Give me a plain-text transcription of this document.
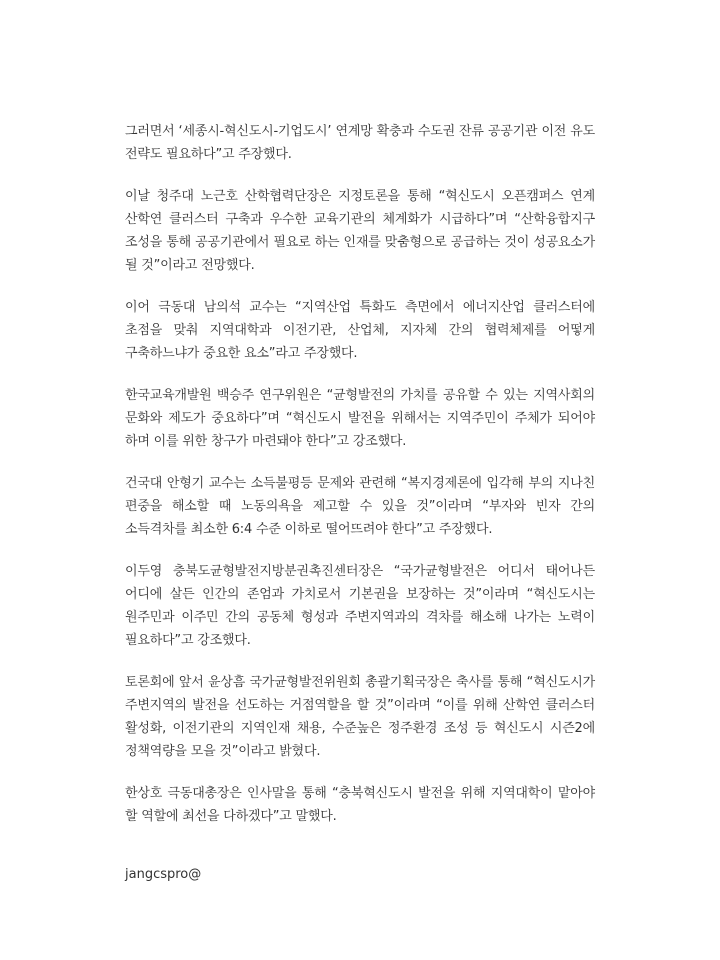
그러면서 ‘세종시-혁신도시-기업도시’ 연계망 확충과 수도권 잔류 공공기관 이전 유도 전략도 필요하다”고 주장했다.

이날 청주대 노근호 산학협력단장은 지정토론을 통해 “혁신도시 오픈캠퍼스 연계 산학연 클러스터 구축과 우수한 교육기관의 체계화가 시급하다”며 “산학융합지구 조성을 통해 공공기관에서 필요로 하는 인재를 맞춤형으로 공급하는 것이 성공요소가 될 것”이라고 전망했다.

이어 극동대 남의석 교수는 “지역산업 특화도 측면에서 에너지산업 클러스터에 초점을 맞춰 지역대학과 이전기관, 산업체, 지자체 간의 협력체제를 어떻게 구축하느냐가 중요한 요소”라고 주장했다.

한국교육개발원 백승주 연구위원은 “균형발전의 가치를 공유할 수 있는 지역사회의 문화와 제도가 중요하다”며 “혁신도시 발전을 위해서는 지역주민이 주체가 되어야 하며 이를 위한 창구가 마련돼야 한다”고 강조했다.

건국대 안형기 교수는 소득불평등 문제와 관련해 “복지경제론에 입각해 부의 지나친 편중을 해소할 때 노동의욕을 제고할 수 있을 것”이라며 “부자와 빈자 간의 소득격차를 최소한 6:4 수준 이하로 떨어뜨려야 한다”고 주장했다.

이두영 충북도균형발전지방분권촉진센터장은 “국가균형발전은 어디서 태어나든 어디에 살든 인간의 존엄과 가치로서 기본권을 보장하는 것”이라며 “혁신도시는 원주민과 이주민 간의 공동체 형성과 주변지역과의 격차를 해소해 나가는 노력이 필요하다”고 강조했다.

토론회에 앞서 윤상흠 국가균형발전위원회 총괄기획국장은 축사를 통해 “혁신도시가 주변지역의 발전을 선도하는 거점역할을 할 것”이라며 “이를 위해 산학연 클러스터 활성화, 이전기관의 지역인재 채용, 수준높은 정주환경 조성 등 혁신도시 시즌2에 정책역량을 모을 것”이라고 밝혔다.

한상호 극동대총장은 인사말을 통해 “충북혁신도시 발전을 위해 지역대학이 맡아야 할 역할에 최선을 다하겠다”고 말했다.

jangcspro@
